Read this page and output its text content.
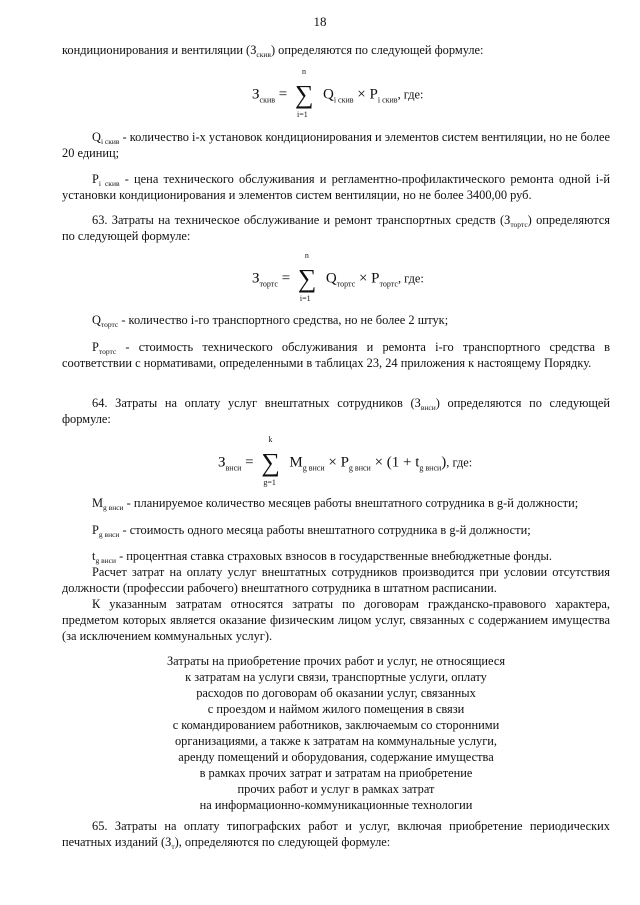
18
кондиционирования и вентиляции $(З_{скив})$ определяются по следующей формуле:
$З_{скив}$ =
n
∑
i=1
$Q_{i скив} \times P_{i скив}$, где:
$Q_{i скив}$ - количество i-х установок кондиционирования и элементов систем вентиляции, но не более 20 единиц;
$P_{i скив}$ - цена технического обслуживания и регламентно-профилактического ремонта одной i-й установки кондиционирования и элементов систем вентиляции, но не более 3400,00 руб.
63. Затраты на техническое обслуживание и ремонт транспортных средств $(З_{тортс})$ определяются по следующей формуле:
$З_{тортс}$ =
n
∑
i=1
$Q_{тортс} \times P_{тортс}$, где:
$Q_{тортс}$ - количество i-го транспортного средства, но не более 2 штук;
$P_{тортс}$ - стоимость технического обслуживания и ремонта i-го транспортного средства в соответствии с нормативами, определенными в таблицах 23, 24 приложения к настоящему Порядку.
64. Затраты на оплату услуг внештатных сотрудников $(З_{внси})$ определяются по следующей формуле:
$З_{внси}$ =
k
∑
g=1
$M_{g внси} \times P_{g внси} \times (1 + t_{g внси})$, где:
$M_{g внси}$ - планируемое количество месяцев работы внештатного сотрудника в g-й должности;
$P_{g внси}$ - стоимость одного месяца работы внештатного сотрудника в g-й должности;
$t_{g внси}$ - процентная ставка страховых взносов в государственные внебюджетные фонды.
Расчет затрат на оплату услуг внештатных сотрудников производится при условии отсутствия должности (профессии рабочего) внештатного сотрудника в штатном расписании.
К указанным затратам относятся затраты по договорам гражданско-правового характера, предметом которых является оказание физическим лицом услуг, связанных с содержанием имущества (за исключением коммунальных услуг).
Затраты на приобретение прочих работ и услуг, не относящиеся
к затратам на услуги связи, транспортные услуги, оплату
расходов по договорам об оказании услуг, связанных
с проездом и наймом жилого помещения в связи
с командированием работников, заключаемым со сторонними
организациями, а также к затратам на коммунальные услуги,
аренду помещений и оборудования, содержание имущества
в рамках прочих затрат и затратам на приобретение
прочих работ и услуг в рамках затрат
на информационно-коммуникационные технологии
65. Затраты на оплату типографских работ и услуг, включая приобретение периодических печатных изданий $(З_т)$, определяются по следующей формуле:
